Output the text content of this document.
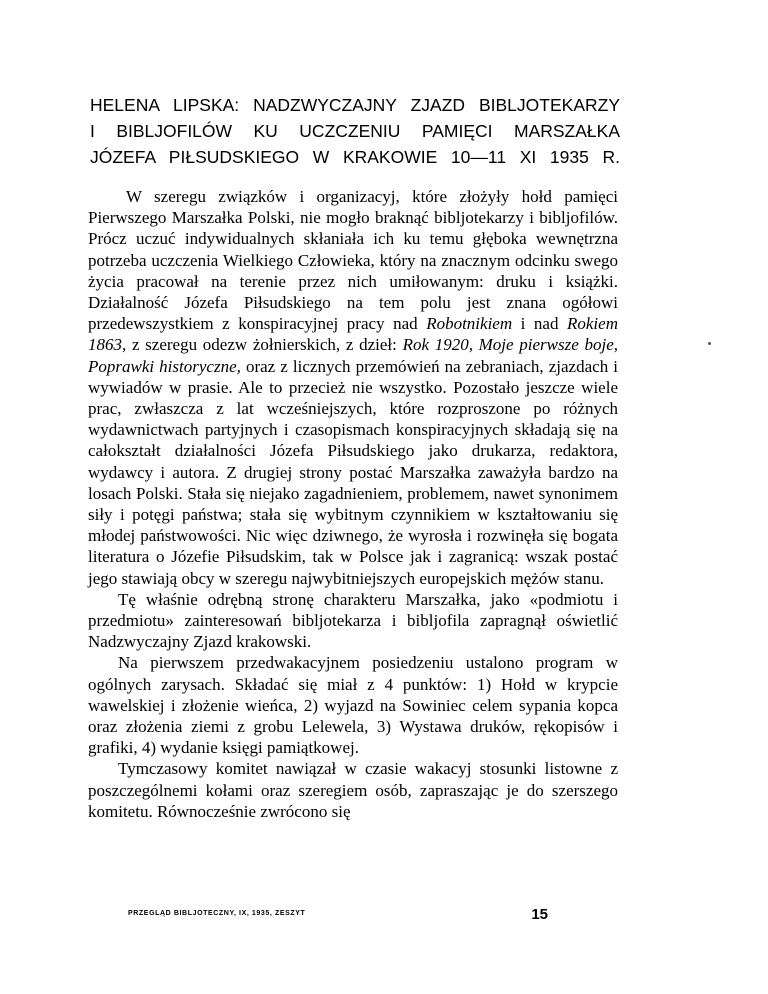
HELENA LIPSKA: NADZWYCZAJNY ZJAZD BIBLJOTEKARZY
I BIBLJOFILÓW KU UCZCZENIU PAMIĘCI MARSZAŁKA
JÓZEFA PIŁSUDSKIEGO W KRAKOWIE 10—11 XI 1935 R.

W szeregu związków i organizacyj, które złożyły hołd pamięci Pierwszego Marszałka Polski, nie mogło braknąć bibljotekarzy i bibljofilów. Prócz uczuć indywidualnych skłaniała ich ku temu głęboka wewnętrzna potrzeba uczczenia Wielkiego Człowieka, który na znacznym odcinku swego życia pracował na terenie przez nich umiłowanym: druku i książki. Działalność Józefa Piłsudskiego na tem polu jest znana ogółowi przedewszystkiem z konspiracyjnej pracy nad Robotnikiem i nad Rokiem 1863, z szeregu odezw żołnierskich, z dzieł: Rok 1920, Moje pierwsze boje, Poprawki historyczne, oraz z licznych przemówień na zebraniach, zjazdach i wywiadów w prasie. Ale to przecież nie wszystko. Pozostało jeszcze wiele prac, zwłaszcza z lat wcześniejszych, które rozproszone po różnych wydawnictwach partyjnych i czasopismach konspiracyjnych składają się na całokształt działalności Józefa Piłsudskiego jako drukarza, redaktora, wydawcy i autora. Z drugiej strony postać Marszałka zaważyła bardzo na losach Polski. Stała się niejako zagadnieniem, problemem, nawet synonimem siły i potęgi państwa; stała się wybitnym czynnikiem w kształtowaniu się młodej państwowości. Nic więc dziwnego, że wyrosła i rozwinęła się bogata literatura o Józefie Piłsudskim, tak w Polsce jak i zagranicą: wszak postać jego stawiają obcy w szeregu najwybitniejszych europejskich mężów stanu.

Tę właśnie odrębną stronę charakteru Marszałka, jako «podmiotu i przedmiotu» zainteresowań bibljotekarza i bibljofila zapragnął oświetlić Nadzwyczajny Zjazd krakowski.

Na pierwszem przedwakacyjnem posiedzeniu ustalono program w ogólnych zarysach. Składać się miał z 4 punktów: 1) Hołd w krypcie wawelskiej i złożenie wieńca, 2) wyjazd na Sowiniec celem sypania kopca oraz złożenia ziemi z grobu Lelewela, 3) Wystawa druków, rękopisów i grafiki, 4) wydanie księgi pamiątkowej.

Tymczasowy komitet nawiązał w czasie wakacyj stosunki listowne z poszczególnemi kołami oraz szeregiem osób, zapraszając je do szerszego komitetu. Równocześnie zwrócono się

PRZEGLĄD BIBLJOTECZNY, IX, 1935, ZESZYT	15
